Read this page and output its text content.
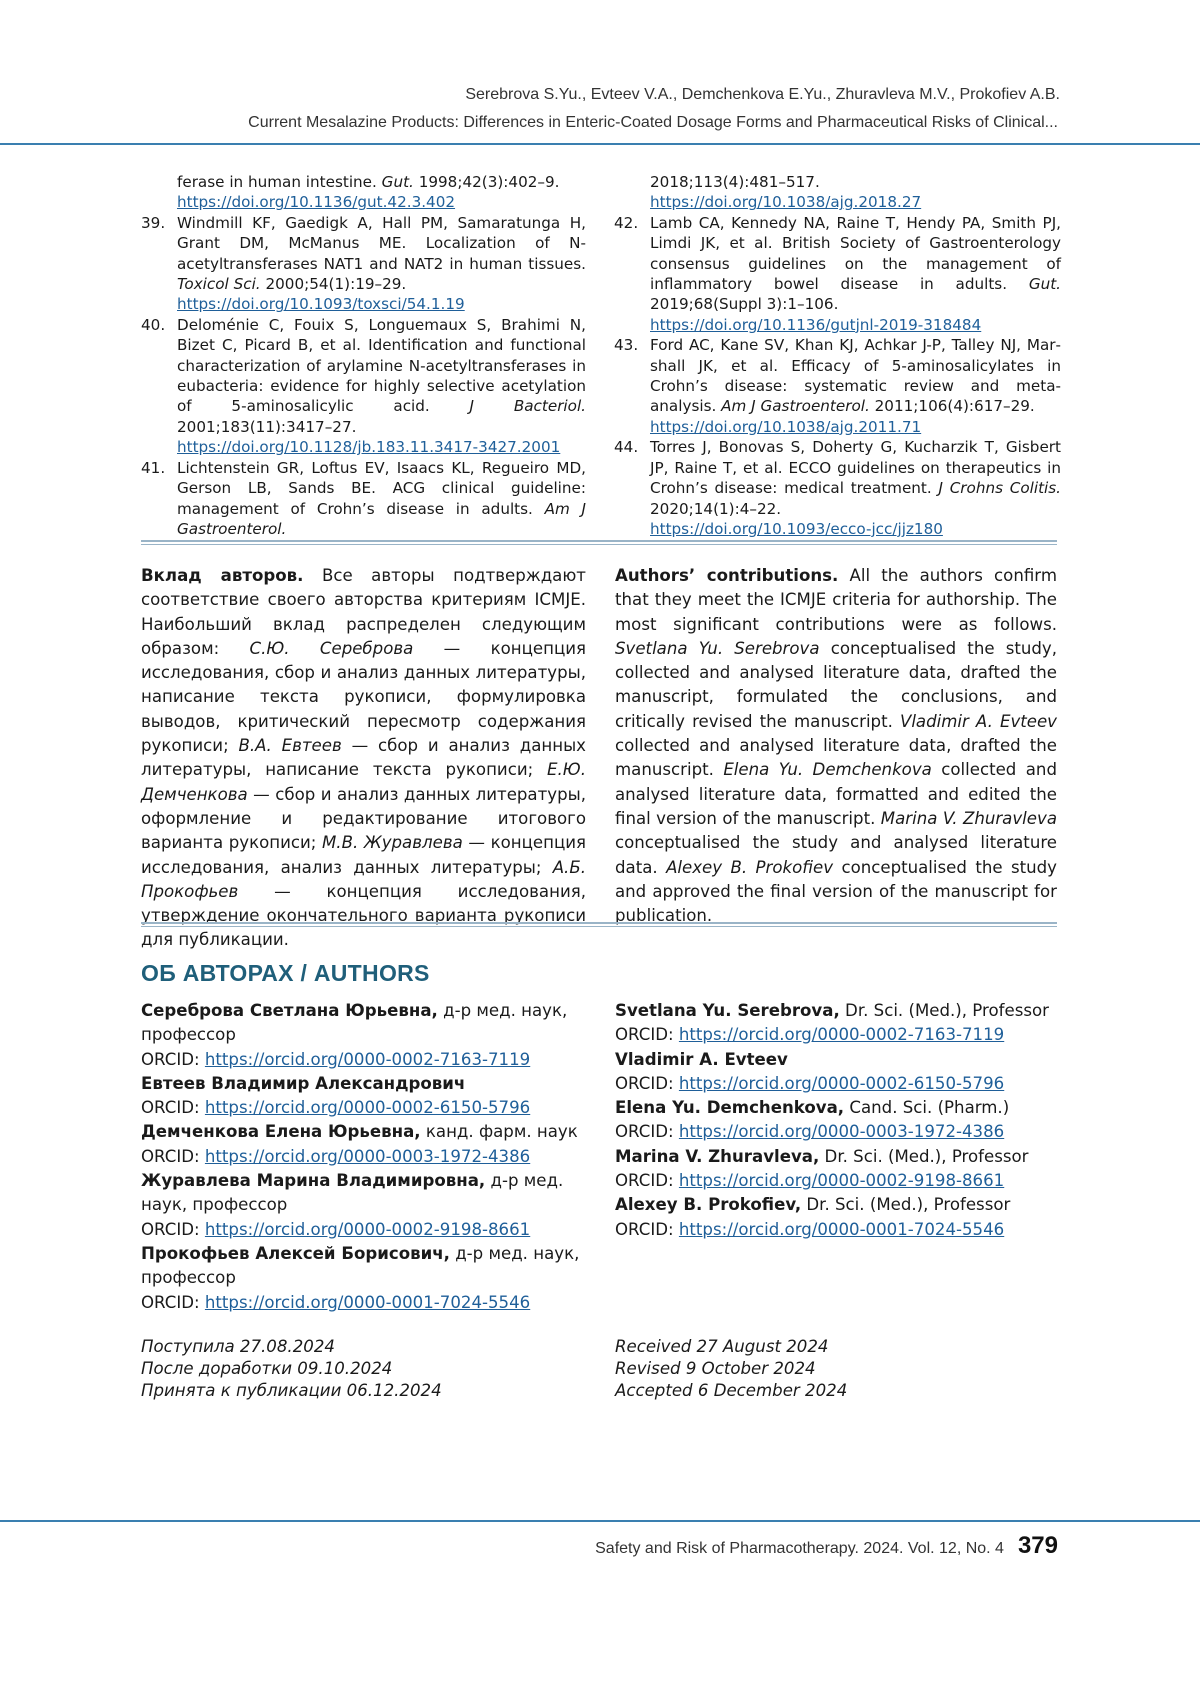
Serebrova S.Yu., Evteev V.A., Demchenkova E.Yu., Zhuravleva M.V., Prokofiev A.B.
Current Mesalazine Products: Differences in Enteric-Coated Dosage Forms and Pharmaceutical Risks of Clinical...
ferase in human intestine. Gut. 1998;42(3):402–9.
https://doi.org/10.1136/gut.42.3.402
39. Windmill KF, Gaedigk A, Hall PM, Samaratunga H, Grant DM, McManus ME. Localization of N-acetyltransferases NAT1 and NAT2 in human tissues. Toxicol Sci. 2000;54(1):19–29.
https://doi.org/10.1093/toxsci/54.1.19
40. Deloménie C, Fouix S, Longuemaux S, Brahimi N, Bizet C, Picard B, et al. Identification and functional characterization of arylamine N-acetyltransferases in eubacteria: evidence for highly selective acetylation of 5-aminosalicylic acid.	J Bacteriol. 2001;183(11):3417–27.
https://doi.org/10.1128/jb.183.11.3417-3427.2001
41. Lichtenstein GR, Loftus EV, Isaacs KL, Regueiro MD, Gerson LB, Sands BE. ACG clinical guideline: management of Crohn’s disease in adults. Am J Gastroenterol.
2018;113(4):481–517.
https://doi.org/10.1038/ajg.2018.27
42. Lamb CA, Kennedy NA, Raine T, Hendy PA, Smith PJ, Limdi JK, et al. British Society of Gastroenterology consensus guidelines on the management of inflammatory bowel disease in adults. Gut. 2019;68(Suppl 3):1–106.
https://doi.org/10.1136/gutjnl-2019-318484
43. Ford AC, Kane SV, Khan KJ, Achkar J-P, Talley NJ, Marshall JK, et al. Efficacy of 5-aminosalicylates in Crohn’s disease: systematic review and meta-analysis. Am J Gastroenterol. 2011;106(4):617–29.
https://doi.org/10.1038/ajg.2011.71
44. Torres J, Bonovas S, Doherty G, Kucharzik T, Gisbert JP, Raine T, et al. ECCO guidelines on therapeutics in Crohn’s disease: medical treatment. J Crohns Colitis. 2020;14(1):4–22.
https://doi.org/10.1093/ecco-jcc/jjz180
Вклад авторов. Все авторы подтверждают соответствие своего авторства критериям ICMJE. Наибольший вклад распределен следующим образом: С.Ю. Сереброва — концепция исследования, сбор и анализ данных литературы, написание текста рукописи, формулировка выводов, критический пересмотр содержания рукописи; В.А. Евтеев — сбор и анализ данных литературы, написание текста рукописи; Е.Ю. Демченкова — сбор и анализ данных литературы, оформление и редактирование итогового варианта рукописи; М.В. Журавлева — концепция исследования, анализ данных литературы; А.Б. Прокофьев — концепция исследования, утверждение окончательного варианта рукописи для публикации.
Authors’ contributions. All the authors confirm that they meet the ICMJE criteria for authorship. The most significant contributions were as follows. Svetlana Yu. Serebrova conceptualised the study, collected and analysed literature data, drafted the manuscript, formulated the conclusions, and critically revised the manuscript. Vladimir A. Evteev collected and analysed literature data, drafted the manuscript. Elena Yu. Demchenkova collected and analysed literature data, formatted and edited the final version of the manuscript. Marina V. Zhuravleva conceptualised the study and analysed literature data. Alexey B. Prokofiev conceptualised the study and approved the final version of the manuscript for publication.
ОБ АВТОРАХ / AUTHORS
Сереброва Светлана Юрьевна, д-р мед. наук, профессор
ORCID: https://orcid.org/0000-0002-7163-7119
Евтеев Владимир Александрович
ORCID: https://orcid.org/0000-0002-6150-5796
Демченкова Елена Юрьевна, канд. фарм. наук
ORCID: https://orcid.org/0000-0003-1972-4386
Журавлева Марина Владимировна, д-р мед. наук, профессор
ORCID: https://orcid.org/0000-0002-9198-8661
Прокофьев Алексей Борисович, д-р мед. наук, профессор
ORCID: https://orcid.org/0000-0001-7024-5546
Svetlana Yu. Serebrova, Dr. Sci. (Med.), Professor
ORCID: https://orcid.org/0000-0002-7163-7119
Vladimir A. Evteev
ORCID: https://orcid.org/0000-0002-6150-5796
Elena Yu. Demchenkova, Cand. Sci. (Pharm.)
ORCID: https://orcid.org/0000-0003-1972-4386
Marina V. Zhuravleva, Dr. Sci. (Med.), Professor
ORCID: https://orcid.org/0000-0002-9198-8661
Alexey B. Prokofiev, Dr. Sci. (Med.), Professor
ORCID: https://orcid.org/0000-0001-7024-5546
Поступила 27.08.2024
После доработки 09.10.2024
Принята к публикации 06.12.2024
Received 27 August 2024
Revised 9 October 2024
Accepted 6 December 2024
Safety and Risk of Pharmacotherapy. 2024. Vol. 12, No. 4 379
